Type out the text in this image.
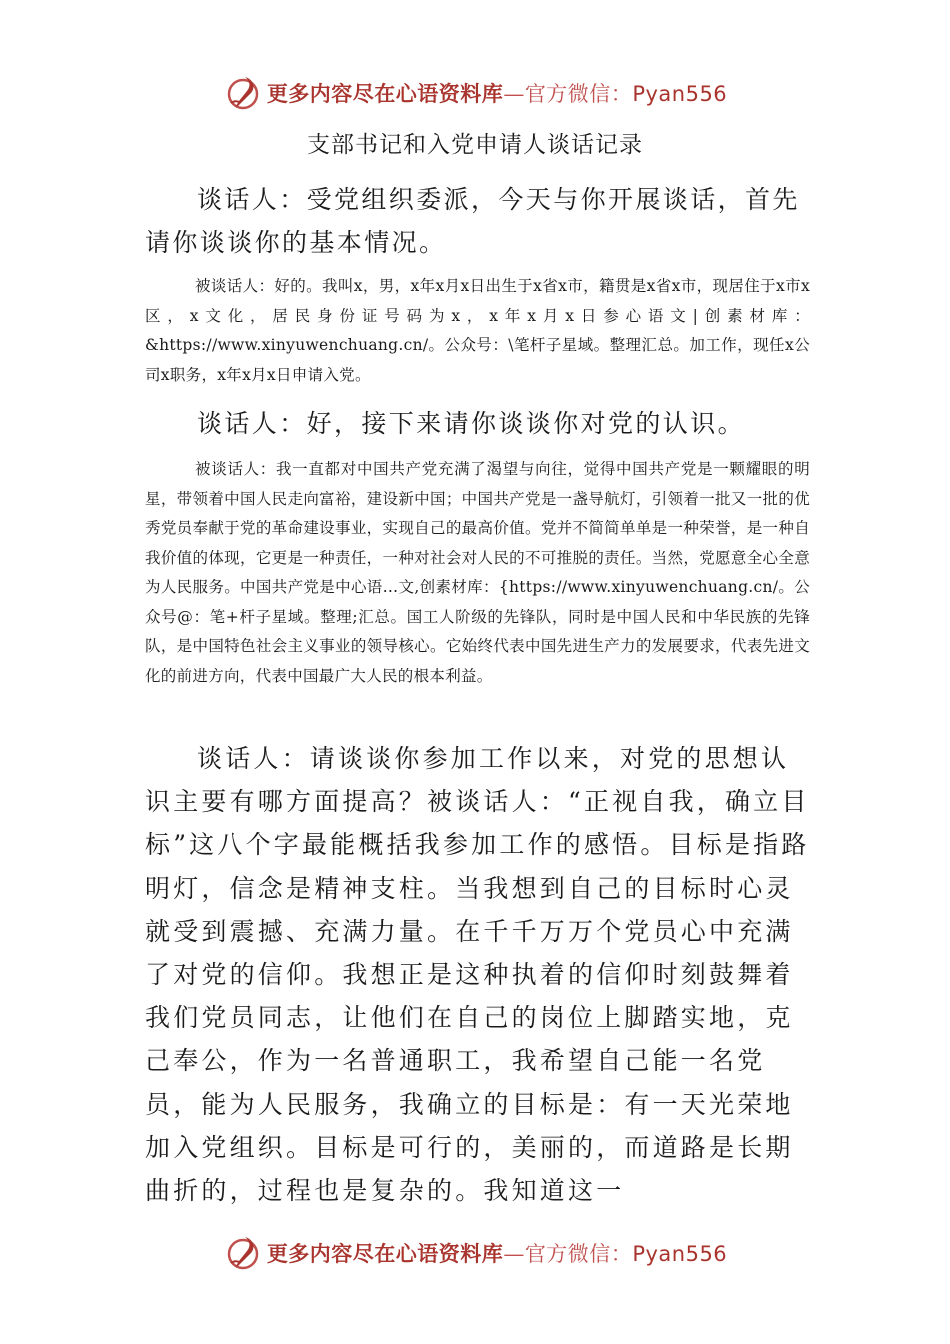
更多内容尽在心语资料库—官方微信：Pyan556
支部书记和入党申请人谈话记录

谈话人：受党组织委派，今天与你开展谈话，首先请你谈谈你的基本情况。

被谈话人：好的。我叫x，男，x年x月x日出生于x省x市，籍贯是x省x市，现居住于x市x区，x文化，居民身份证号码为x，x年x月x日参心语文|创素材库：&https://www.xinyuwenchuang.cn/。公众号：\笔杆子星域。整理汇总。加工作，现任x公司x职务，x年x月x日申请入党。

谈话人：好，接下来请你谈谈你对党的认识。

被谈话人：我一直都对中国共产党充满了渴望与向往，觉得中国共产党是一颗耀眼的明星，带领着中国人民走向富裕，建设新中国；中国共产党是一盏导航灯，引领着一批又一批的优秀党员奉献于党的革命建设事业，实现自己的最高价值。党并不简简单单是一种荣誉，是一种自我价值的体现，它更是一种责任，一种对社会对人民的不可推脱的责任。当然，党愿意全心全意为人民服务。中国共产党是中心语…文,创素材库：{https://www.xinyuwenchuang.cn/。公众号@：笔+杆子星域。整理;汇总。国工人阶级的先锋队，同时是中国人民和中华民族的先锋队，是中国特色社会主义事业的领导核心。它始终代表中国先进生产力的发展要求，代表先进文化的前进方向，代表中国最广大人民的根本利益。

谈话人：请谈谈你参加工作以来，对党的思想认识主要有哪方面提高？被谈话人：“正视自我，确立目标”这八个字最能概括我参加工作的感悟。目标是指路明灯，信念是精神支柱。当我想到自己的目标时心灵就受到震撼、充满力量。在千千万万个党员心中充满了对党的信仰。我想正是这种执着的信仰时刻鼓舞着我们党员同志，让他们在自己的岗位上脚踏实地，克己奉公，作为一名普通职工，我希望自己能一名党员，能为人民服务，我确立的目标是：有一天光荣地加入党组织。目标是可行的，美丽的，而道路是长期曲折的，过程也是复杂的。我知道这一

更多内容尽在心语资料库—官方微信：Pyan556
